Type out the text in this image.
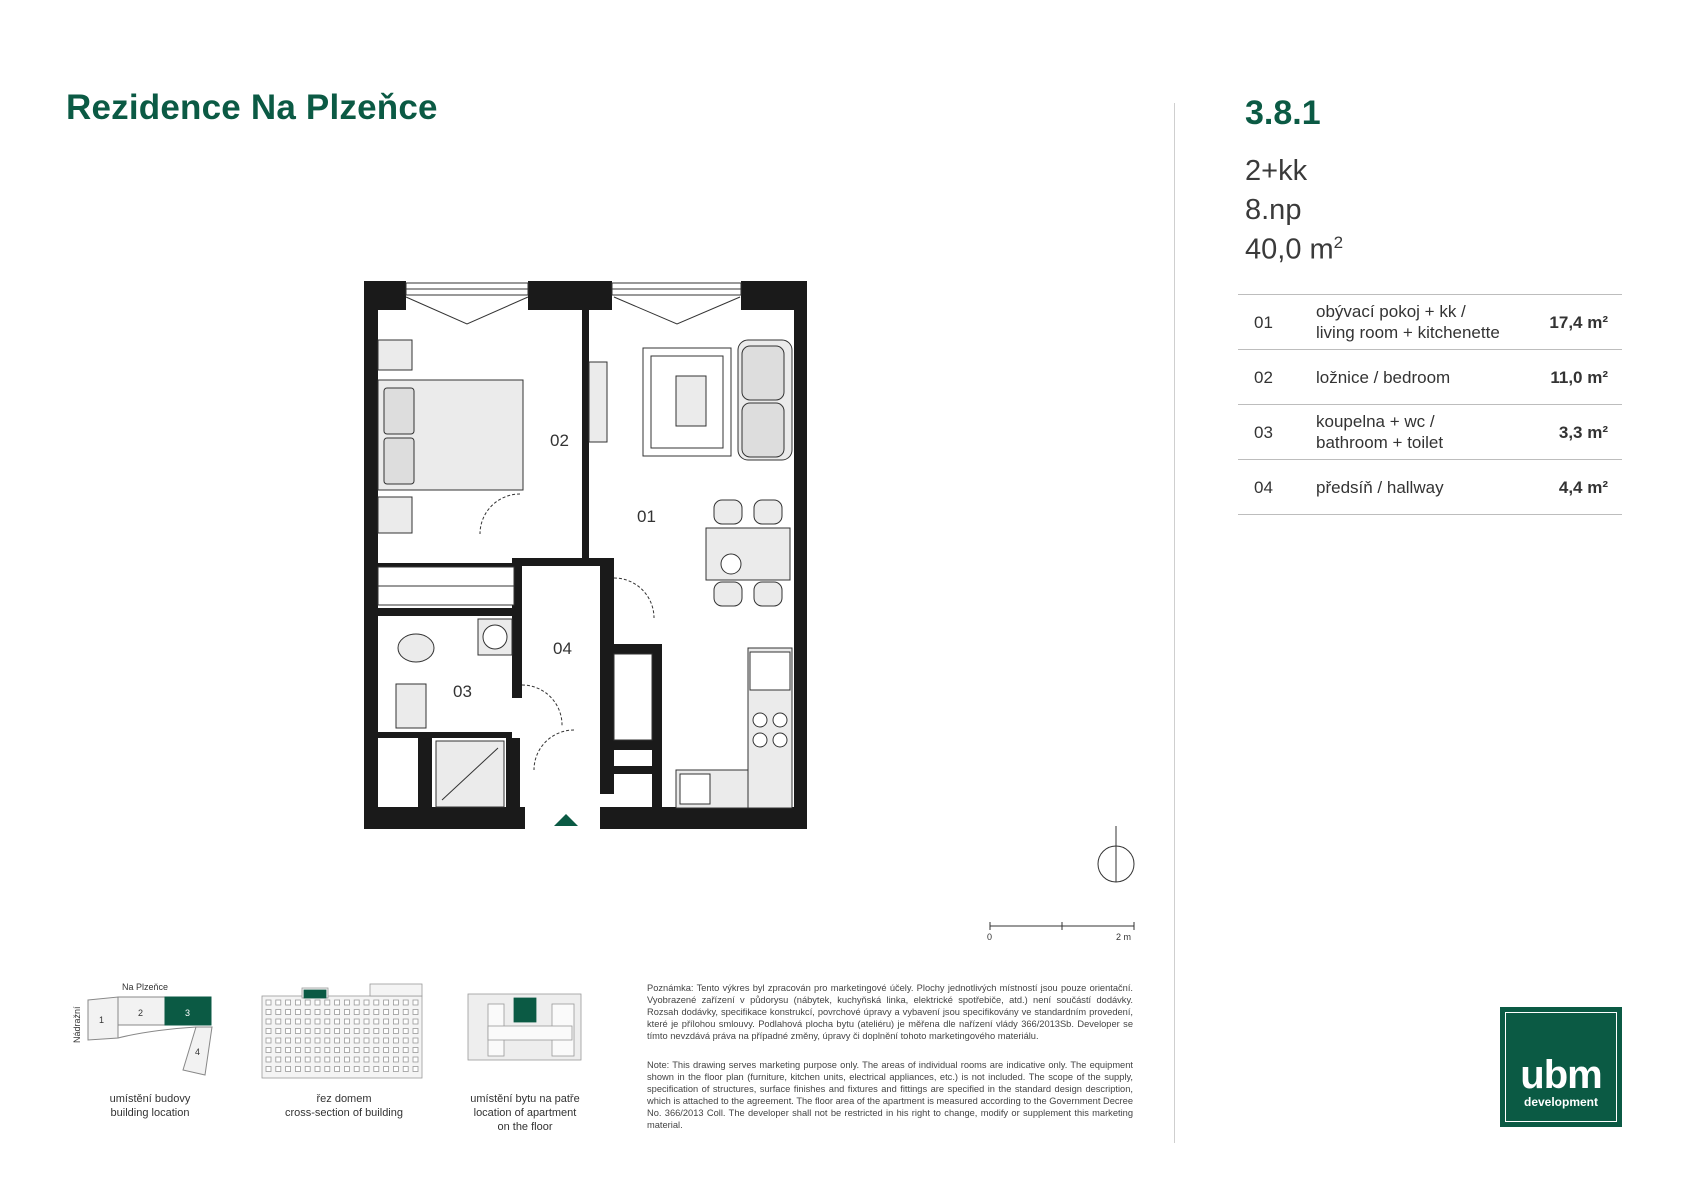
Rezidence Na Plzeňce	3.8.1
2+kk
8.np
40,0 $m^2$
01	obývací pokoj + kk /
living room + kitchenette	17,4 m²
02	ložnice / bedroom	11,0 m²
03	koupelna + wc /
bathroom + toilet	3,3 m²
04	předsíň / hallway	4,4 m²
02
01
04
03
0	2 m
Na Plzeňce
Nádražní 1
2	3
4
umístění budovy
building location
řez domem
cross-section of building
umístění bytu na patře
location of apartment
on the floor
Poznámka: Tento výkres byl zpracován pro marketingové účely. Plochy jednotlivých místností jsou pouze orientační. Vyobrazené zařízení v půdorysu (nábytek, kuchyňská linka, elektrické spotřebiče, atd.) není součástí dodávky. Rozsah dodávky, specifikace konstrukcí, povrchové úpravy a vybavení jsou specifikovány ve standardním provedení, které je přílohou smlouvy. Podlahová plocha bytu (ateliéru) je měřena dle nařízení vlády 366/2013Sb. Developer se tímto nevzdává práva na případné změny, úpravy či doplnění tohoto marketingového materiálu.
Note: This drawing serves marketing purpose only. The areas of individual rooms are indicative only. The equipment shown in the floor plan (furniture, kitchen units, electrical appliances, etc.) is not included. The scope of the supply, specification of structures, surface finishes and fixtures and fittings are specified in the standard design description, which is attached to the agreement. The floor area of the apartment is measured according to the Government Decree No. 366/2013 Coll. The developer shall not be restricted in his right to change, modify or supplement this marketing material.
ubm
development
